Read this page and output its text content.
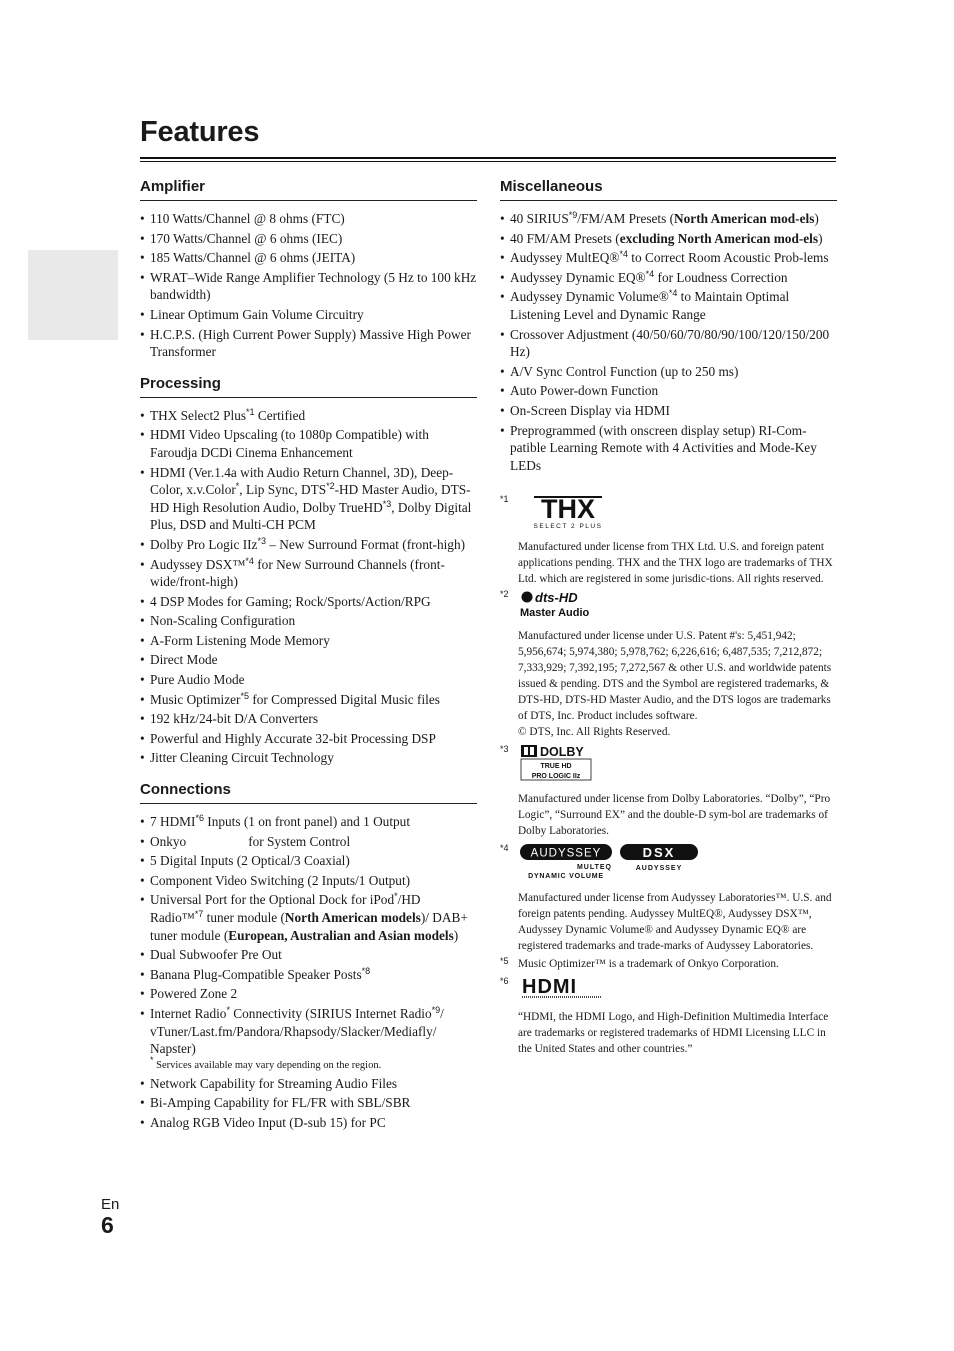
Features
Amplifier
• 110 Watts/Channel @ 8 ohms (FTC)
• 170 Watts/Channel @ 6 ohms (IEC)
• 185 Watts/Channel @ 6 ohms (JEITA)
• WRAT–Wide Range Amplifier Technology (5 Hz to 100 kHz bandwidth)
• Linear Optimum Gain Volume Circuitry
• H.C.P.S. (High Current Power Supply) Massive High Power Transformer
Processing
• THX Select2 Plus$^{*1}$ Certified
• HDMI Video Upscaling (to 1080p Compatible) with Faroudja DCDi Cinema Enhancement
• HDMI (Ver.1.4a with Audio Return Channel, 3D), Deep-Color, x.v.Color*, Lip Sync, DTS$^{*2}$-HD Master Audio, DTS-HD High Resolution Audio, Dolby TrueHD$^{*3}$, Dolby Digital Plus, DSD and Multi-CH PCM
• Dolby Pro Logic IIz$^{*3}$ – New Surround Format (front-high)
• Audyssey DSX™$^{*4}$ for New Surround Channels (front-wide/front-high)
• 4 DSP Modes for Gaming; Rock/Sports/Action/RPG
• Non-Scaling Configuration
• A-Form Listening Mode Memory
• Direct Mode
• Pure Audio Mode
• Music Optimizer$^{*5}$ for Compressed Digital Music files
• 192 kHz/24-bit D/A Converters
• Powerful and Highly Accurate 32-bit Processing DSP
• Jitter Cleaning Circuit Technology
Connections
• 7 HDMI$^{*6}$ Inputs (1 on front panel) and 1 Output
• Onkyo	for System Control
• 5 Digital Inputs (2 Optical/3 Coaxial)
• Component Video Switching (2 Inputs/1 Output)
• Universal Port for the Optional Dock for iPod*/HD Radio™$^{*7}$ tuner module (North American models)/ DAB+ tuner module (European, Australian and Asian models)
• Dual Subwoofer Pre Out
• Banana Plug-Compatible Speaker Posts$^{*8}$
• Powered Zone 2
• Internet Radio* Connectivity (SIRIUS Internet Radio$^{*9}$/ vTuner/Last.fm/Pandora/Rhapsody/Slacker/Mediafly/ Napster)
* Services available may vary depending on the region.
• Network Capability for Streaming Audio Files
• Bi-Amping Capability for FL/FR with SBL/SBR
• Analog RGB Video Input (D-sub 15) for PC
Miscellaneous
• 40 SIRIUS$^{*9}$/FM/AM Presets (North American mod-els)
• 40 FM/AM Presets (excluding North American mod-els)
• Audyssey MultEQ®$^{*4}$ to Correct Room Acoustic Prob-lems
• Audyssey Dynamic EQ®$^{*4}$ for Loudness Correction
• Audyssey Dynamic Volume®$^{*4}$ to Maintain Optimal Listening Level and Dynamic Range
• Crossover Adjustment (40/50/60/70/80/90/100/120/150/200 Hz)
• A/V Sync Control Function (up to 250 ms)
• Auto Power-down Function
• On-Screen Display via HDMI
• Preprogrammed (with onscreen display setup) RI-Com-patible Learning Remote with 4 Activities and Mode-Key LEDs
*1 THX
SELECT 2 PLUS
Manufactured under license from THX Ltd. U.S. and foreign patent applications pending. THX and the THX logo are trademarks of THX Ltd. which are registered in some jurisdic-tions. All rights reserved.
*2 dts-HD
Master Audio
Manufactured under license under U.S. Patent #'s: 5,451,942; 5,956,674; 5,974,380; 5,978,762; 6,226,616; 6,487,535; 7,212,872; 7,333,929; 7,392,195; 7,272,567 & other U.S. and worldwide patents issued & pending. DTS and the Symbol are registered trademarks, & DTS-HD, DTS-HD Master Audio, and the DTS logos are trademarks of DTS, Inc. Product includes software.
© DTS, Inc. All Rights Reserved.
*3	DOLBY
TRUE HD
PRO LOGIC IIz
Manufactured under license from Dolby Laboratories. “Dolby”, “Pro Logic”, “Surround EX” and the double-D sym-bol are trademarks of Dolby Laboratories.
*4 AUDYSSEY
MULTEQ
DYNAMIC VOLUME
DSX
AUDYSSEY
Manufactured under license from Audyssey Laboratories™. U.S. and foreign patents pending. Audyssey MultEQ®, Audyssey DSX™, Audyssey Dynamic Volume® and Audyssey Dynamic EQ® are registered trademarks and trade-marks of Audyssey Laboratories.
*5 Music Optimizer™ is a trademark of Onkyo Corporation.
*6 HDMI
“HDMI, the HDMI Logo, and High-Definition Multimedia Interface are trademarks or registered trademarks of HDMI Licensing LLC in the United States and other countries.”
En
6
